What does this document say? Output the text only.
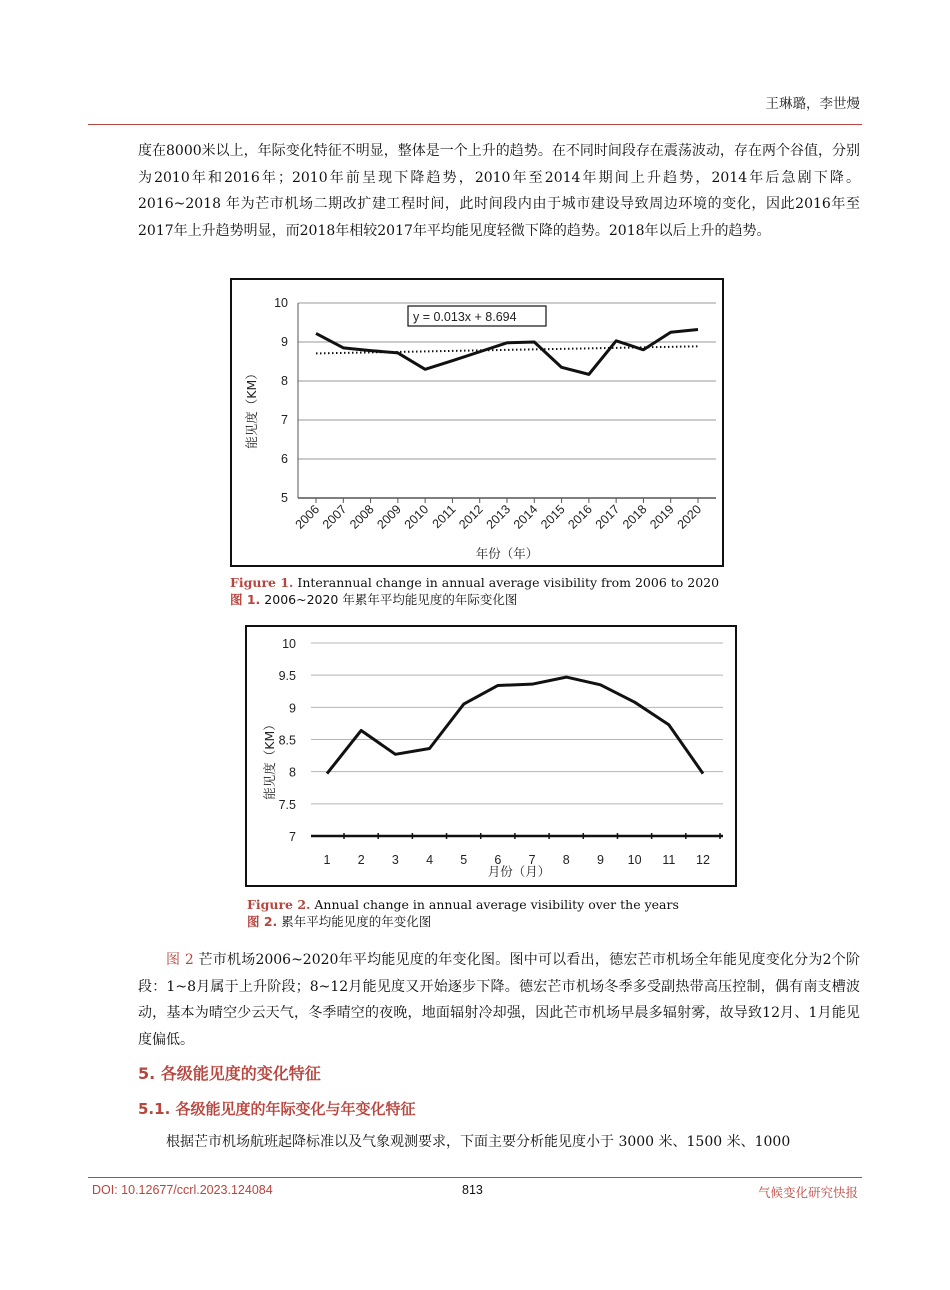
王琳璐，李世熳

度在8000米以上，年际变化特征不明显，整体是一个上升的趋势。在不同时间段存在震荡波动，存在两个谷值，分别为2010年和2016年；2010年前呈现下降趋势，2010年至2014年期间上升趋势，2014年后急剧下降。2016~2018 年为芒市机场二期改扩建工程时间，此时间段内由于城市建设导致周边环境的变化，因此2016年至2017年上升趋势明显，而2018年相较2017年平均能见度轻微下降的趋势。2018年以后上升的趋势。

5
6
7
8
9
10
2006
2007
2008
2009
2010
2011
2012
2013
2014
2015
2016
2017
2018
2019
2020
y = 0.013x + 8.694
能见度（KM）
年份（年）

Figure 1. Interannual change in annual average visibility from 2006 to 2020

图 1. 2006~2020 年累年平均能见度的年际变化图

7
7.5
8
8.5
9
9.5
10
1 2 3 4 5 6 7 8 9 10 11 12
能见度（KM）
月份（月）

Figure 2. Annual change in annual average visibility over the years

图 2. 累年平均能见度的年变化图

图 2 芒市机场2006~2020年平均能见度的年变化图。图中可以看出，德宏芒市机场全年能见度变化分为2个阶段：1~8月属于上升阶段；8~12月能见度又开始逐步下降。德宏芒市机场冬季多受副热带高压控制，偶有南支槽波动，基本为晴空少云天气，冬季晴空的夜晚，地面辐射冷却强，因此芒市机场早晨多辐射雾，故导致12月、1月能见度偏低。

5. 各级能见度的变化特征
5.1. 各级能见度的年际变化与年变化特征

根据芒市机场航班起降标准以及气象观测要求，下面主要分析能见度小于 3000 米、1500 米、1000

DOI: 10.12677/ccrl.2023.124084	813	气候变化研究快报
